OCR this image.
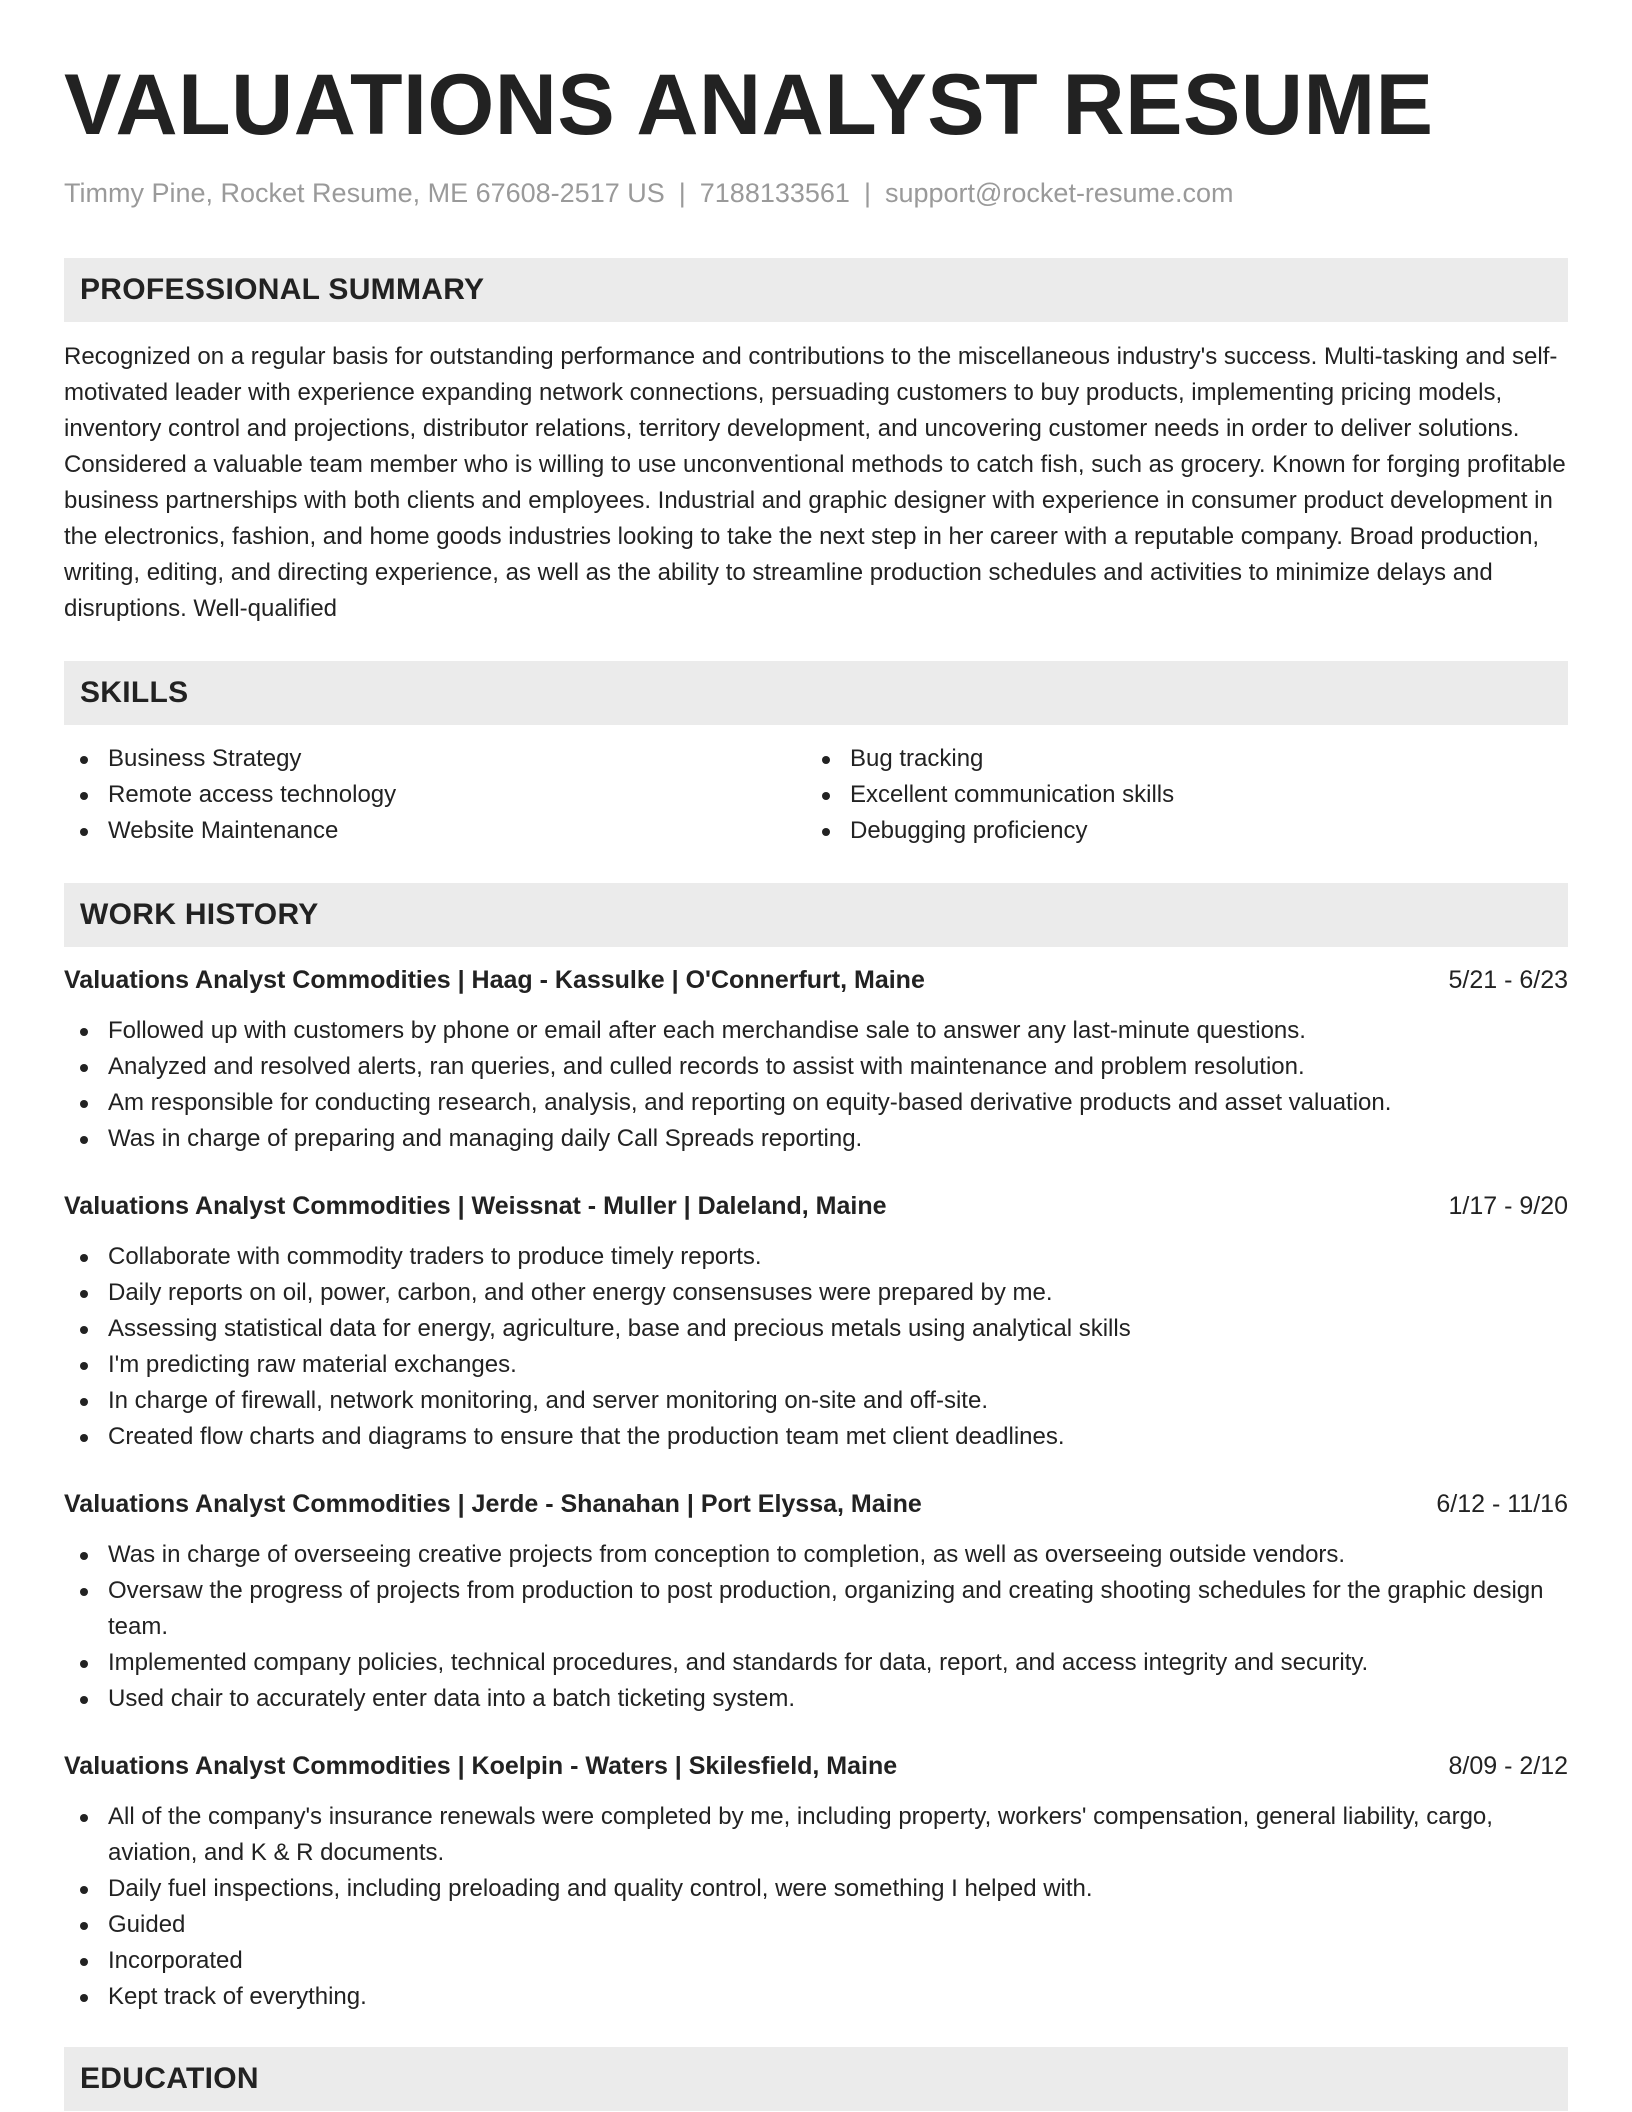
VALUATIONS ANALYST RESUME
Timmy Pine, Rocket Resume, ME 67608-2517 US | 7188133561 | support@rocket-resume.com
PROFESSIONAL SUMMARY

Recognized on a regular basis for outstanding performance and contributions to the miscellaneous industry's success. Multi-tasking and self-motivated leader with experience expanding network connections, persuading customers to buy products, implementing pricing models, inventory control and projections, distributor relations, territory development, and uncovering customer needs in order to deliver solutions. Considered a valuable team member who is willing to use unconventional methods to catch fish, such as grocery. Known for forging profitable business partnerships with both clients and employees. Industrial and graphic designer with experience in consumer product development in the electronics, fashion, and home goods industries looking to take the next step in her career with a reputable company. Broad production, writing, editing, and directing experience, as well as the ability to streamline production schedules and activities to minimize delays and disruptions. Well-qualified

SKILLS
Business Strategy
Remote access technology
Website Maintenance
Bug tracking
Excellent communication skills
Debugging proficiency
WORK HISTORY
Valuations Analyst Commodities | Haag - Kassulke | O'Connerfurt, Maine	5/21 - 6/23
Followed up with customers by phone or email after each merchandise sale to answer any last-minute questions.
Analyzed and resolved alerts, ran queries, and culled records to assist with maintenance and problem resolution.
Am responsible for conducting research, analysis, and reporting on equity-based derivative products and asset valuation.
Was in charge of preparing and managing daily Call Spreads reporting.
Valuations Analyst Commodities | Weissnat - Muller | Daleland, Maine	1/17 - 9/20
Collaborate with commodity traders to produce timely reports.
Daily reports on oil, power, carbon, and other energy consensuses were prepared by me.
Assessing statistical data for energy, agriculture, base and precious metals using analytical skills
I'm predicting raw material exchanges.
In charge of firewall, network monitoring, and server monitoring on-site and off-site.
Created flow charts and diagrams to ensure that the production team met client deadlines.
Valuations Analyst Commodities | Jerde - Shanahan | Port Elyssa, Maine	6/12 - 11/16
Was in charge of overseeing creative projects from conception to completion, as well as overseeing outside vendors.
Oversaw the progress of projects from production to post production, organizing and creating shooting schedules for the graphic design team.
Implemented company policies, technical procedures, and standards for data, report, and access integrity and security.
Used chair to accurately enter data into a batch ticketing system.
Valuations Analyst Commodities | Koelpin - Waters | Skilesfield, Maine	8/09 - 2/12
All of the company's insurance renewals were completed by me, including property, workers' compensation, general liability, cargo, aviation, and K & R documents.
Daily fuel inspections, including preloading and quality control, were something I helped with.
Guided
Incorporated
Kept track of everything.
EDUCATION
